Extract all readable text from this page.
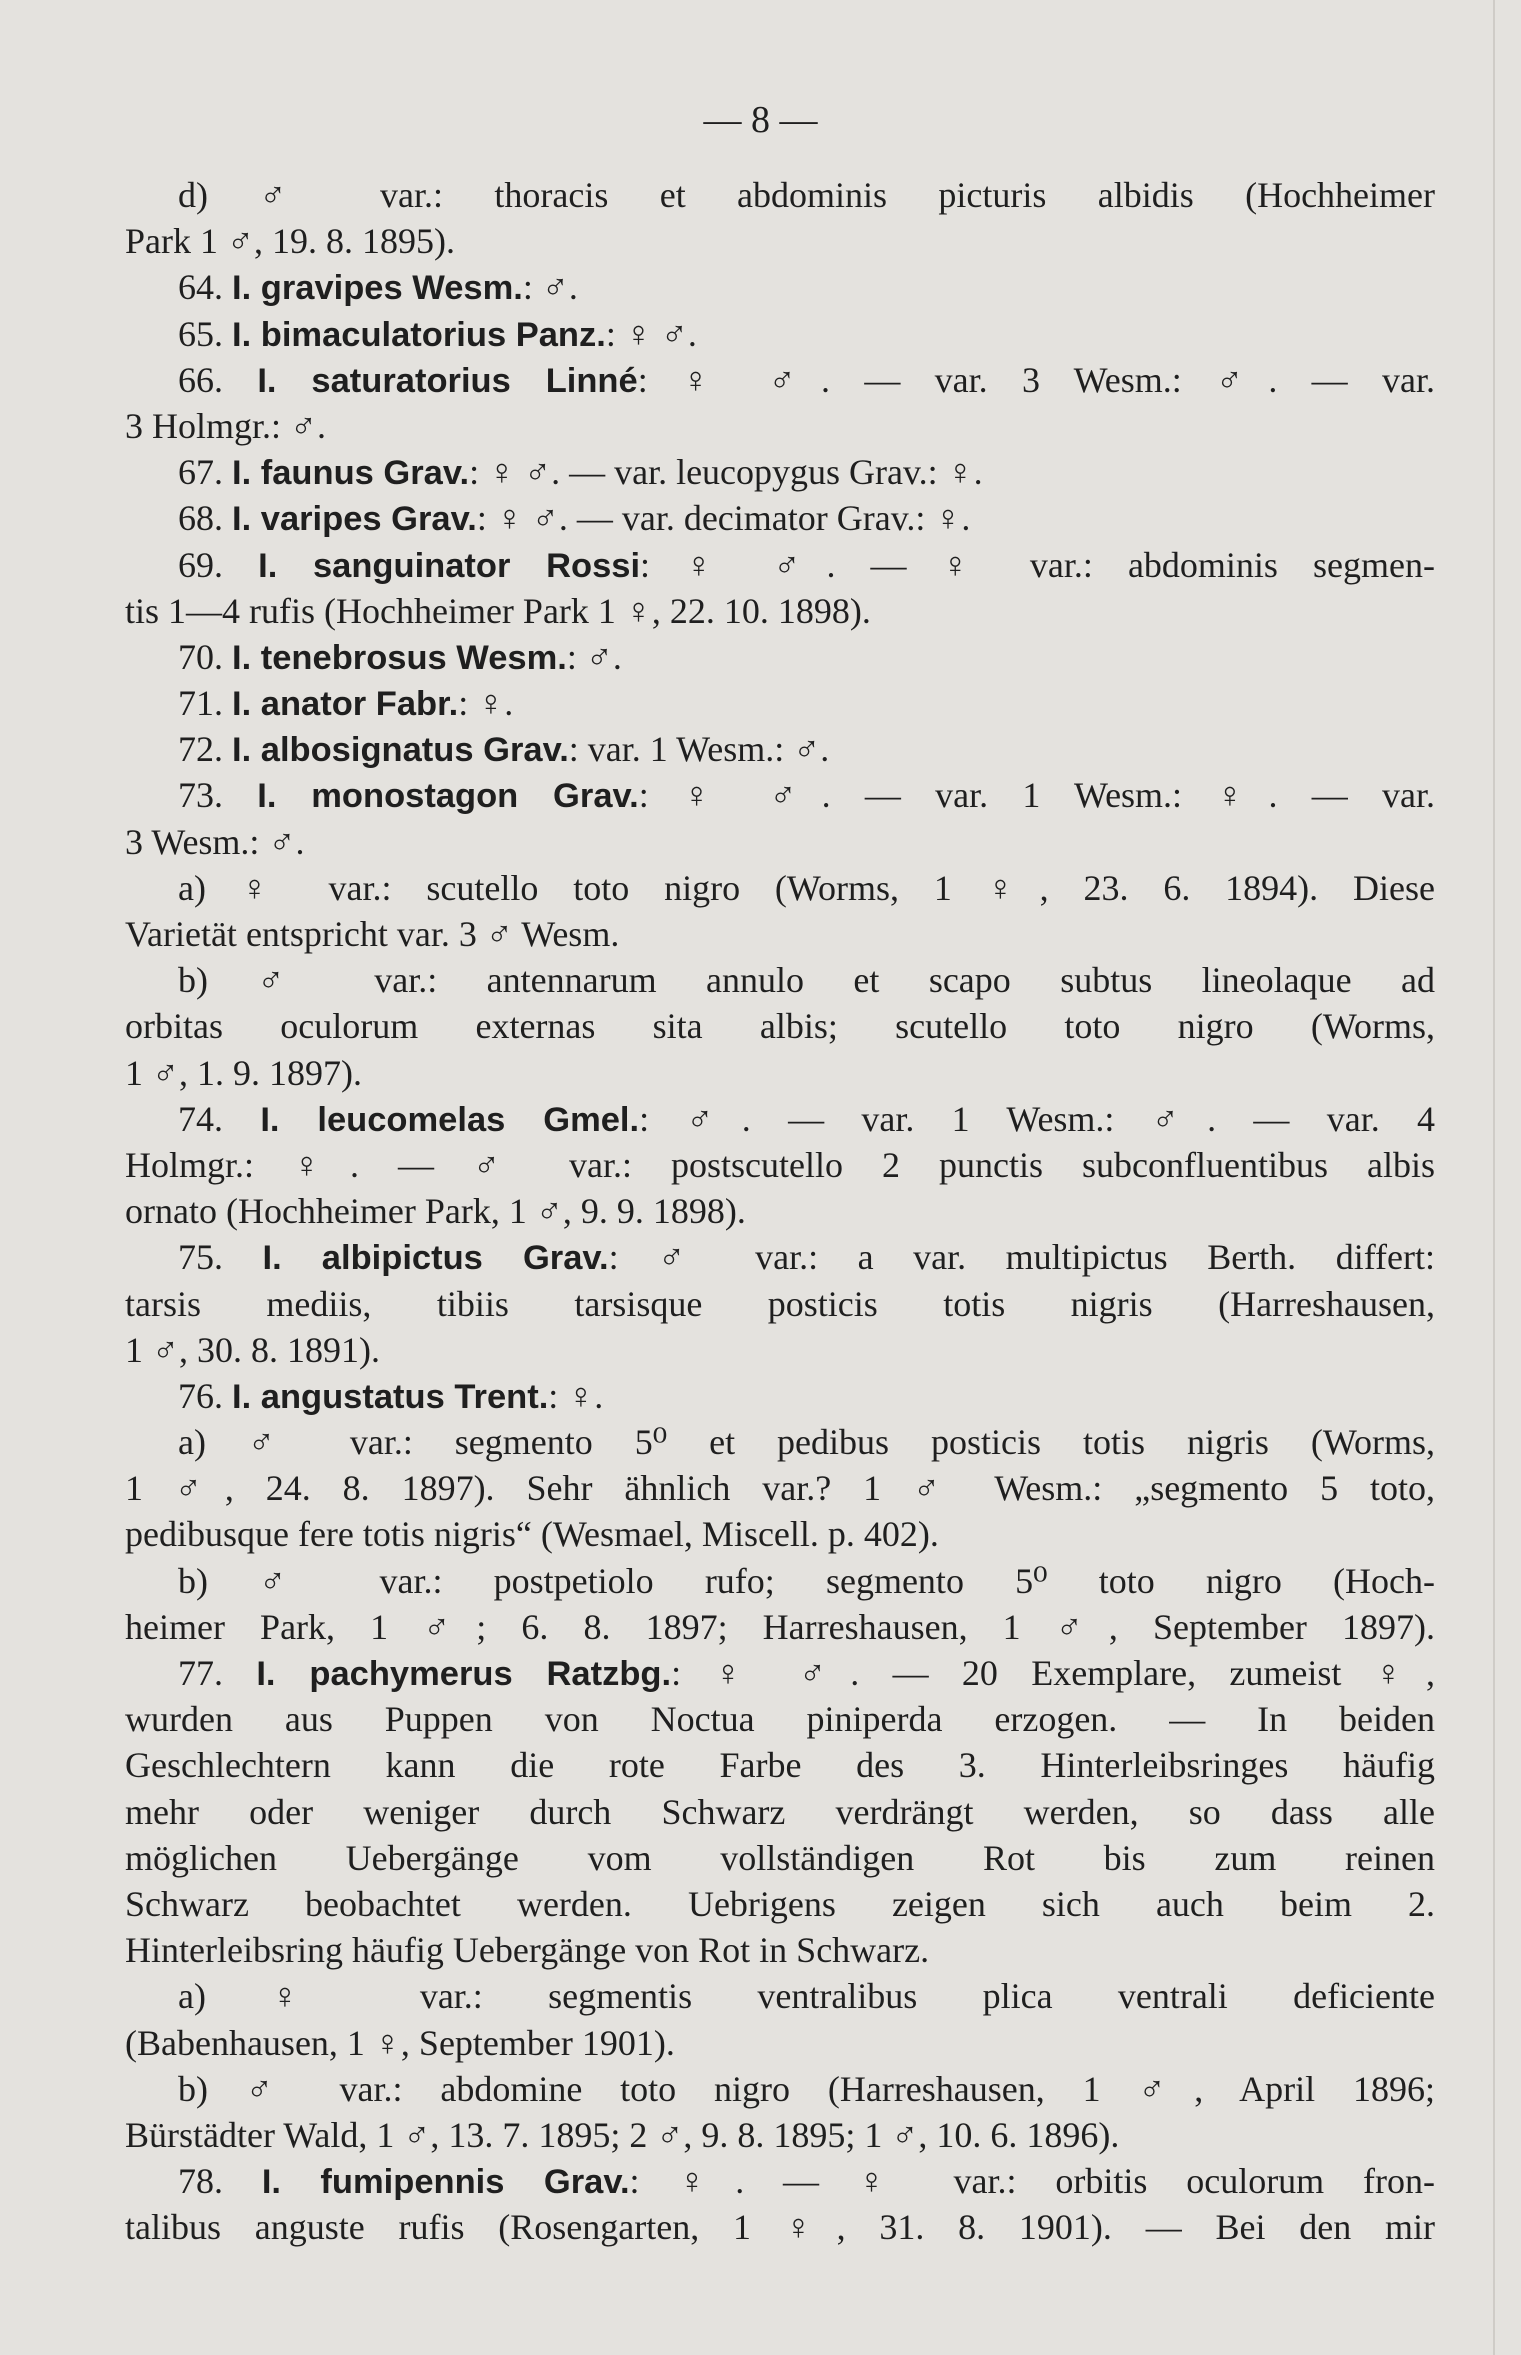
— 8 —
d) ♂ var.: thoracis et abdominis picturis albidis (Hochheimer
Park 1 ♂, 19. 8. 1895).
64. I. gravipes Wesm.: ♂.
65. I. bimaculatorius Panz.: ♀ ♂.
66. I. saturatorius Linné: ♀ ♂. — var. 3 Wesm.: ♂. — var.
3 Holmgr.: ♂.
67. I. faunus Grav.: ♀ ♂. — var. leucopygus Grav.: ♀.
68. I. varipes Grav.: ♀ ♂. — var. decimator Grav.: ♀.
69. I. sanguinator Rossi: ♀ ♂. — ♀ var.: abdominis segmen-
tis 1—4 rufis (Hochheimer Park 1 ♀, 22. 10. 1898).
70. I. tenebrosus Wesm.: ♂.
71. I. anator Fabr.: ♀.
72. I. albosignatus Grav.: var. 1 Wesm.: ♂.
73. I. monostagon Grav.: ♀ ♂. — var. 1 Wesm.: ♀. — var.
3 Wesm.: ♂.
a) ♀ var.: scutello toto nigro (Worms, 1 ♀, 23. 6. 1894). Diese
Varietät entspricht var. 3 ♂ Wesm.
b) ♂ var.: antennarum annulo et scapo subtus lineolaque ad
orbitas oculorum externas sita albis; scutello toto nigro (Worms,
1 ♂, 1. 9. 1897).
74. I. leucomelas Gmel.: ♂. — var. 1 Wesm.: ♂. — var. 4
Holmgr.: ♀. — ♂ var.: postscutello 2 punctis subconfluentibus albis
ornato (Hochheimer Park, 1 ♂, 9. 9. 1898).
75. I. albipictus Grav.: ♂ var.: a var. multipictus Berth. differt:
tarsis mediis, tibiis tarsisque posticis totis nigris (Harreshausen,
1 ♂, 30. 8. 1891).
76. I. angustatus Trent.: ♀.
a) ♂ var.: segmento 5⁰ et pedibus posticis totis nigris (Worms,
1 ♂, 24. 8. 1897). Sehr ähnlich var.? 1 ♂ Wesm.: „segmento 5 toto,
pedibusque fere totis nigris“ (Wesmael, Miscell. p. 402).
b) ♂ var.: postpetiolo rufo; segmento 5⁰ toto nigro (Hoch-
heimer Park, 1 ♂; 6. 8. 1897; Harreshausen, 1 ♂, September 1897).
77. I. pachymerus Ratzbg.: ♀ ♂. — 20 Exemplare, zumeist ♀,
wurden aus Puppen von Noctua piniperda erzogen. — In beiden
Geschlechtern kann die rote Farbe des 3. Hinterleibsringes häufig
mehr oder weniger durch Schwarz verdrängt werden, so dass alle
möglichen Uebergänge vom vollständigen Rot bis zum reinen
Schwarz beobachtet werden. Uebrigens zeigen sich auch beim 2.
Hinterleibsring häufig Uebergänge von Rot in Schwarz.
a) ♀ var.: segmentis ventralibus plica ventrali deficiente
(Babenhausen, 1 ♀, September 1901).
b) ♂ var.: abdomine toto nigro (Harreshausen, 1 ♂, April 1896;
Bürstädter Wald, 1 ♂, 13. 7. 1895; 2 ♂, 9. 8. 1895; 1 ♂, 10. 6. 1896).
78. I. fumipennis Grav.: ♀. — ♀ var.: orbitis oculorum fron-
talibus anguste rufis (Rosengarten, 1 ♀, 31. 8. 1901). — Bei den mir
